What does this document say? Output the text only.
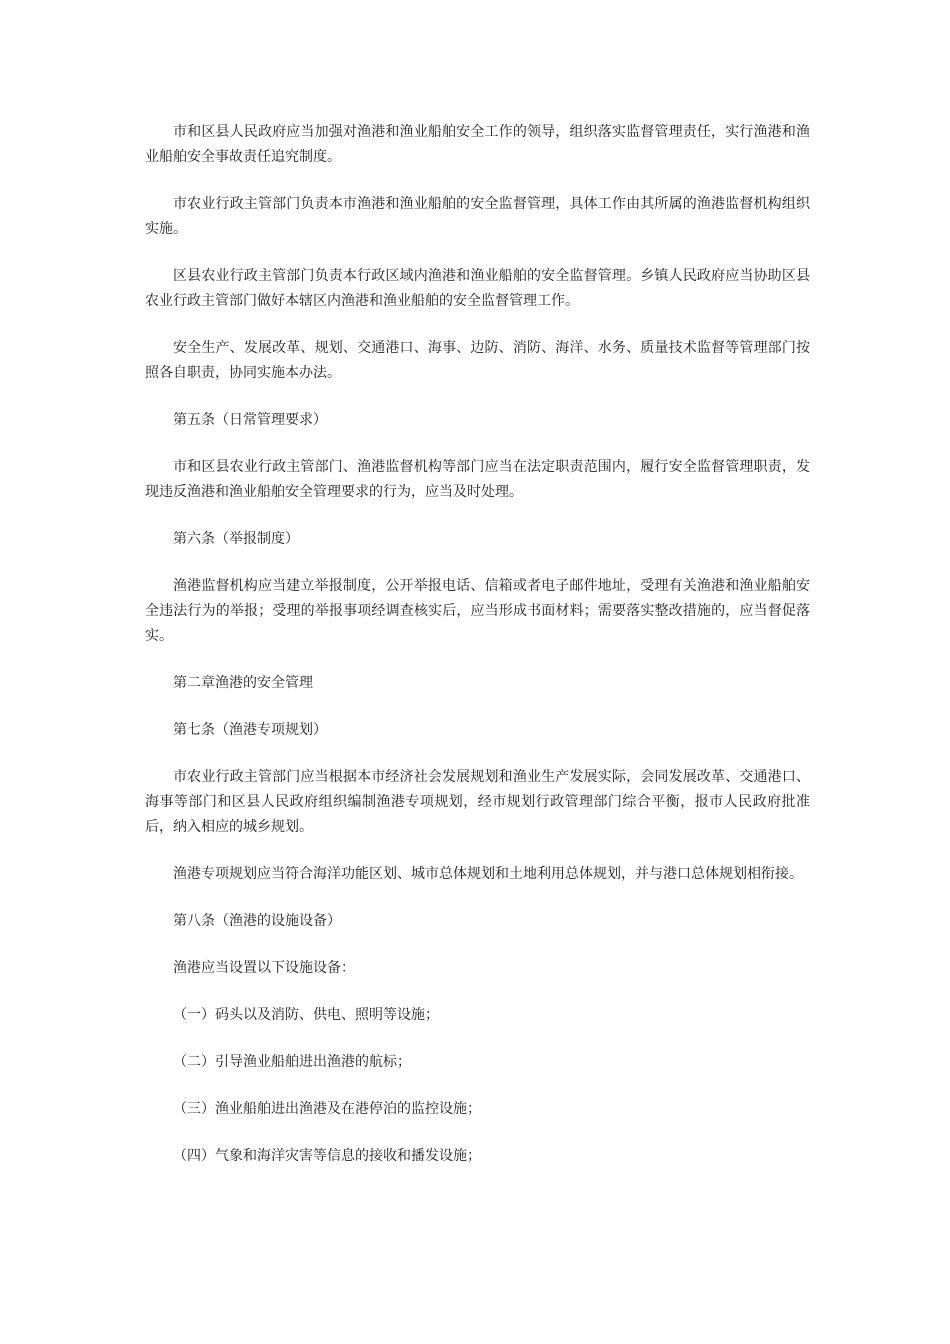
市和区县人民政府应当加强对渔港和渔业船舶安全工作的领导，组织落实监督管理责任，实行渔港和渔业船舶安全事故责任追究制度。

市农业行政主管部门负责本市渔港和渔业船舶的安全监督管理，具体工作由其所属的渔港监督机构组织实施。

区县农业行政主管部门负责本行政区域内渔港和渔业船舶的安全监督管理。乡镇人民政府应当协助区县农业行政主管部门做好本辖区内渔港和渔业船舶的安全监督管理工作。

安全生产、发展改革、规划、交通港口、海事、边防、消防、海洋、水务、质量技术监督等管理部门按照各自职责，协同实施本办法。

第五条（日常管理要求）

市和区县农业行政主管部门、渔港监督机构等部门应当在法定职责范围内，履行安全监督管理职责，发现违反渔港和渔业船舶安全管理要求的行为，应当及时处理。

第六条（举报制度）

渔港监督机构应当建立举报制度，公开举报电话、信箱或者电子邮件地址，受理有关渔港和渔业船舶安全违法行为的举报；受理的举报事项经调查核实后，应当形成书面材料；需要落实整改措施的，应当督促落实。

第二章渔港的安全管理

第七条（渔港专项规划）

市农业行政主管部门应当根据本市经济社会发展规划和渔业生产发展实际，会同发展改革、交通港口、海事等部门和区县人民政府组织编制渔港专项规划，经市规划行政管理部门综合平衡，报市人民政府批准后，纳入相应的城乡规划。

渔港专项规划应当符合海洋功能区划、城市总体规划和土地利用总体规划，并与港口总体规划相衔接。

第八条（渔港的设施设备）

渔港应当设置以下设施设备：

（一）码头以及消防、供电、照明等设施；

（二）引导渔业船舶进出渔港的航标；

（三）渔业船舶进出渔港及在港停泊的监控设施；

（四）气象和海洋灾害等信息的接收和播发设施；
